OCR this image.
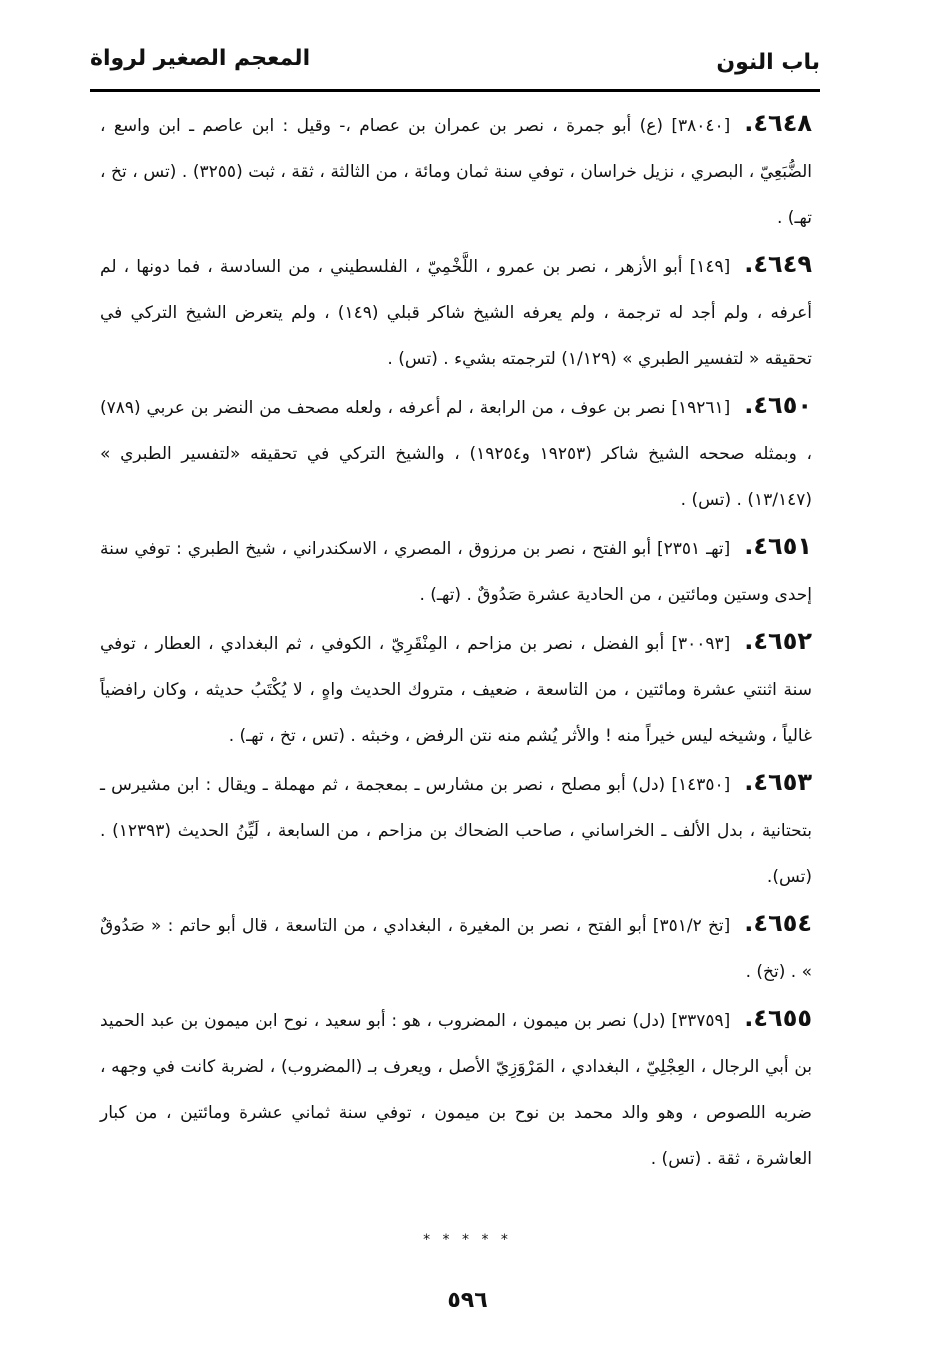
باب النون
المعجم الصغير لرواة

٤٦٤٨.[٣٨٠٤٠] (ع) أبو جمرة ، نصر بن عمران بن عصام ،- وقيل : ابن عاصم ـ ابن واسع ، الضُّبَعِيّ ، البصري ، نزيل خراسان ، توفي سنة ثمان ومائة ، من الثالثة ، ثقة ، ثبت (٣٢٥٥) . (تس ، تخ ، تهـ) .

٤٦٤٩.[١٤٩] أبو الأزهر ، نصر بن عمرو ، اللَّخْمِيّ ، الفلسطيني ، من السادسة ، فما دونها ، لم أعرفه ، ولم أجد له ترجمة ، ولم يعرفه الشيخ شاكر قبلي (١٤٩) ، ولم يتعرض الشيخ التركي في تحقيقه « لتفسير الطبري » (١/١٢٩) لترجمته بشيء . (تس) .

٤٦٥٠.[١٩٢٦١] نصر بن عوف ، من الرابعة ، لم أعرفه ، ولعله مصحف من النضر بن عربي (٧٨٩) ، وبمثله صححه الشيخ شاكر (١٩٢٥٣ و١٩٢٥٤) ، والشيخ التركي في تحقيقه «لتفسير الطبري » (١٣/١٤٧) . (تس) .

٤٦٥١.[تهـ ٢٣٥١] أبو الفتح ، نصر بن مرزوق ، المصري ، الاسكندراني ، شيخ الطبري : توفي سنة إحدى وستين ومائتين ، من الحادية عشرة صَدُوقٌ . (تهـ) .

٤٦٥٢.[٣٠٠٩٣] أبو الفضل ، نصر بن مزاحم ، المِنْقَرِيّ ، الكوفي ، ثم البغدادي ، العطار ، توفي سنة اثنتي عشرة ومائتين ، من التاسعة ، ضعيف ، متروك الحديث واهٍ ، لا يُكْتَبُ حديثه ، وكان رافضياً غالياً ، وشيخه ليس خيراً منه ! والأثر يُشم منه نتن الرفض ، وخبثه . (تس ، تخ ، تهـ) .

٤٦٥٣.[١٤٣٥٠] (دل) أبو مصلح ، نصر بن مشارس ـ بمعجمة ، ثم مهملة ـ ويقال : ابن مشيرس ـ بتحتانية ، بدل الألف ـ الخراساني ، صاحب الضحاك بن مزاحم ، من السابعة ، لَيِّنُ الحديث (١٢٣٩٣) . (تس).

٤٦٥٤.[تخ ٣٥١/٢] أبو الفتح ، نصر بن المغيرة ، البغدادي ، من التاسعة ، قال أبو حاتم : « صَدُوقٌ » . (تخ) .

٤٦٥٥.[٣٣٧٥٩] (دل) نصر بن ميمون ، المضروب ، هو : أبو سعيد ، نوح ابن ميمون بن عبد الحميد بن أبي الرجال ، العِجْلِيّ ، البغدادي ، المَرْوَزِيّ الأصل ، ويعرف بـ (المضروب) ، لضربة كانت في وجهه ، ضربه اللصوص ، وهو والد محمد بن نوح بن ميمون ، توفي سنة ثماني عشرة ومائتين ، من كبار العاشرة ، ثقة . (تس) .

* * * * *
٥٩٦
